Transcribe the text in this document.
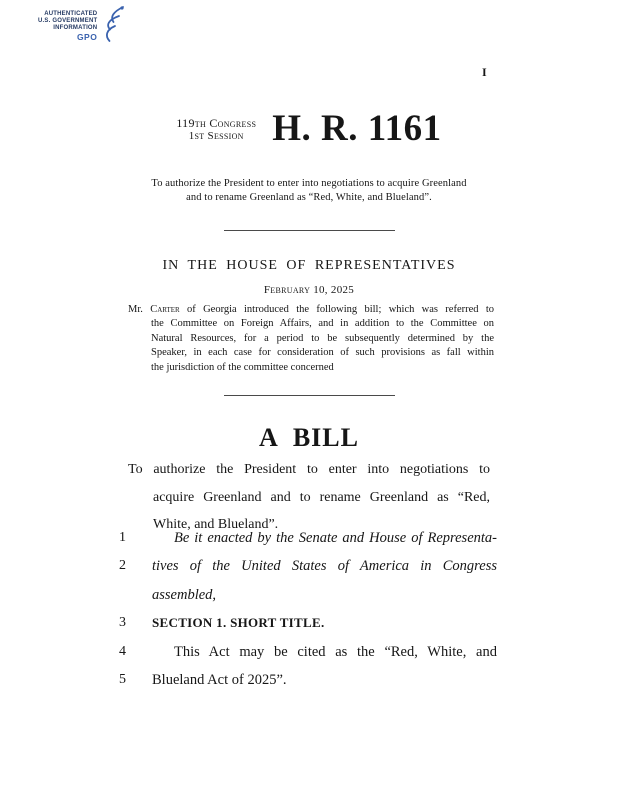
AUTHENTICATED
U.S. GOVERNMENT
INFORMATION
GPO
I
119th Congress
1st Session H. R. 1161
To authorize the President to enter into negotiations to acquire Greenland
and to rename Greenland as “Red, White, and Blueland”.
IN THE HOUSE OF REPRESENTATIVES
February 10, 2025
Mr. Carter of Georgia introduced the following bill; which was referred to
the Committee on Foreign Affairs, and in addition to the Committee on
Natural Resources, for a period to be subsequently determined by the
Speaker, in each case for consideration of such provisions as fall within
the jurisdiction of the committee concerned
A BILL
To authorize the President to enter into negotiations to
acquire Greenland and to rename Greenland as “Red,
White, and Blueland”.
1	Be it enacted by the Senate and House of Representa-
2 tives of the United States of America in Congress assembled,
3 SECTION 1. SHORT TITLE.
4	This Act may be cited as the “Red, White, and
5 Blueland Act of 2025”.
